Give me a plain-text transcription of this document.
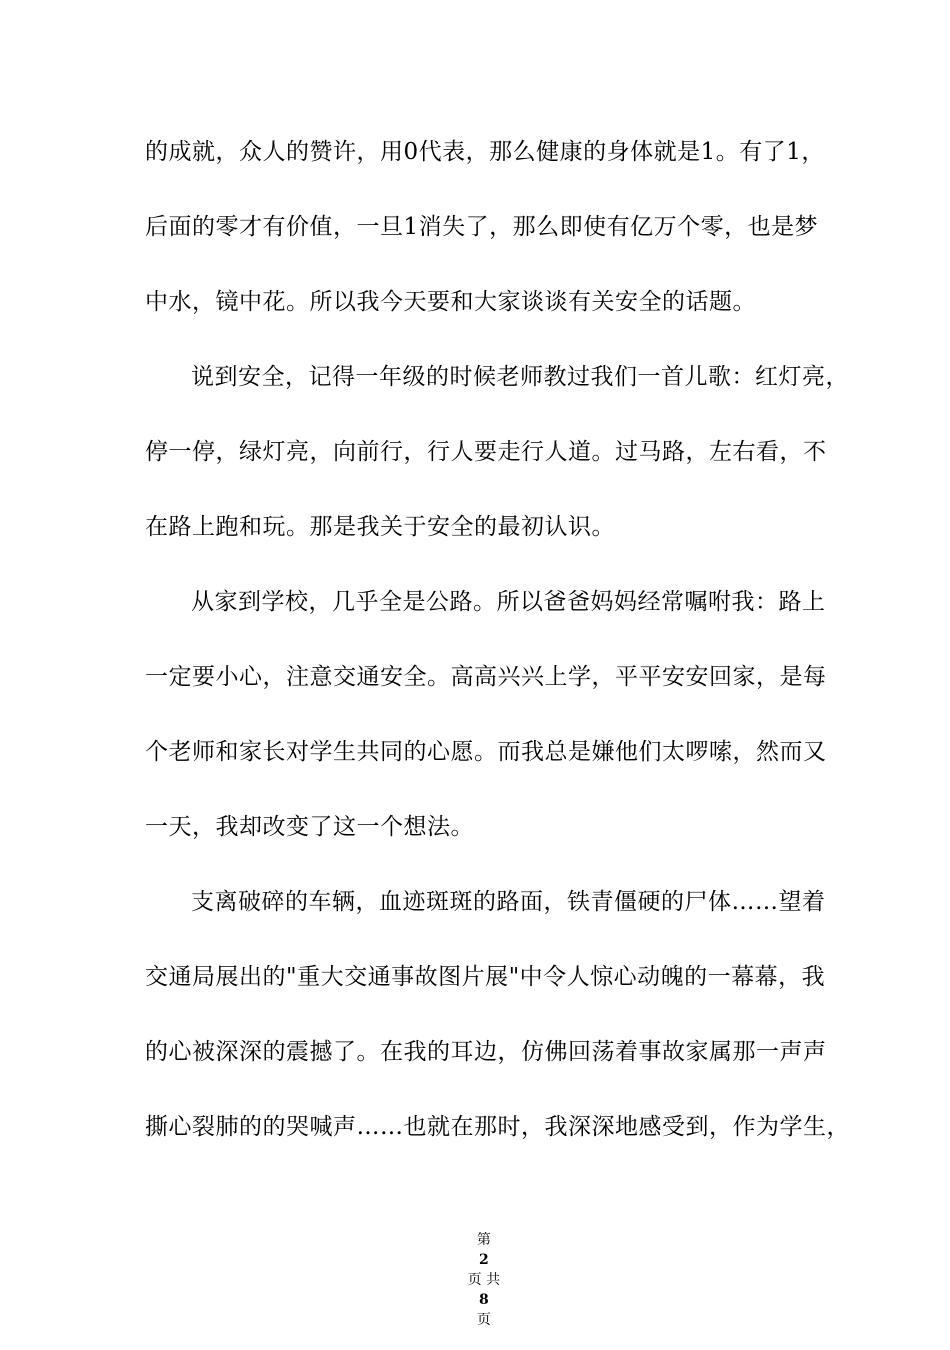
的成就，众人的赞许，用0代表，那么健康的身体就是1。有了1，
后面的零才有价值，一旦1消失了，那么即使有亿万个零，也是梦
中水，镜中花。所以我今天要和大家谈谈有关安全的话题。
说到安全，记得一年级的时候老师教过我们一首儿歌：红灯亮，
停一停，绿灯亮，向前行，行人要走行人道。过马路，左右看，不
在路上跑和玩。那是我关于安全的最初认识。
从家到学校，几乎全是公路。所以爸爸妈妈经常嘱咐我：路上
一定要小心，注意交通安全。高高兴兴上学，平平安安回家，是每
个老师和家长对学生共同的心愿。而我总是嫌他们太啰嗦，然而又
一天，我却改变了这一个想法。
支离破碎的车辆，血迹斑斑的路面，铁青僵硬的尸体……望着
交通局展出的"重大交通事故图片展"中令人惊心动魄的一幕幕，我
的心被深深的震撼了。在我的耳边，仿佛回荡着事故家属那一声声
撕心裂肺的的哭喊声……也就在那时，我深深地感受到，作为学生，

第
2
页 共
8
页
